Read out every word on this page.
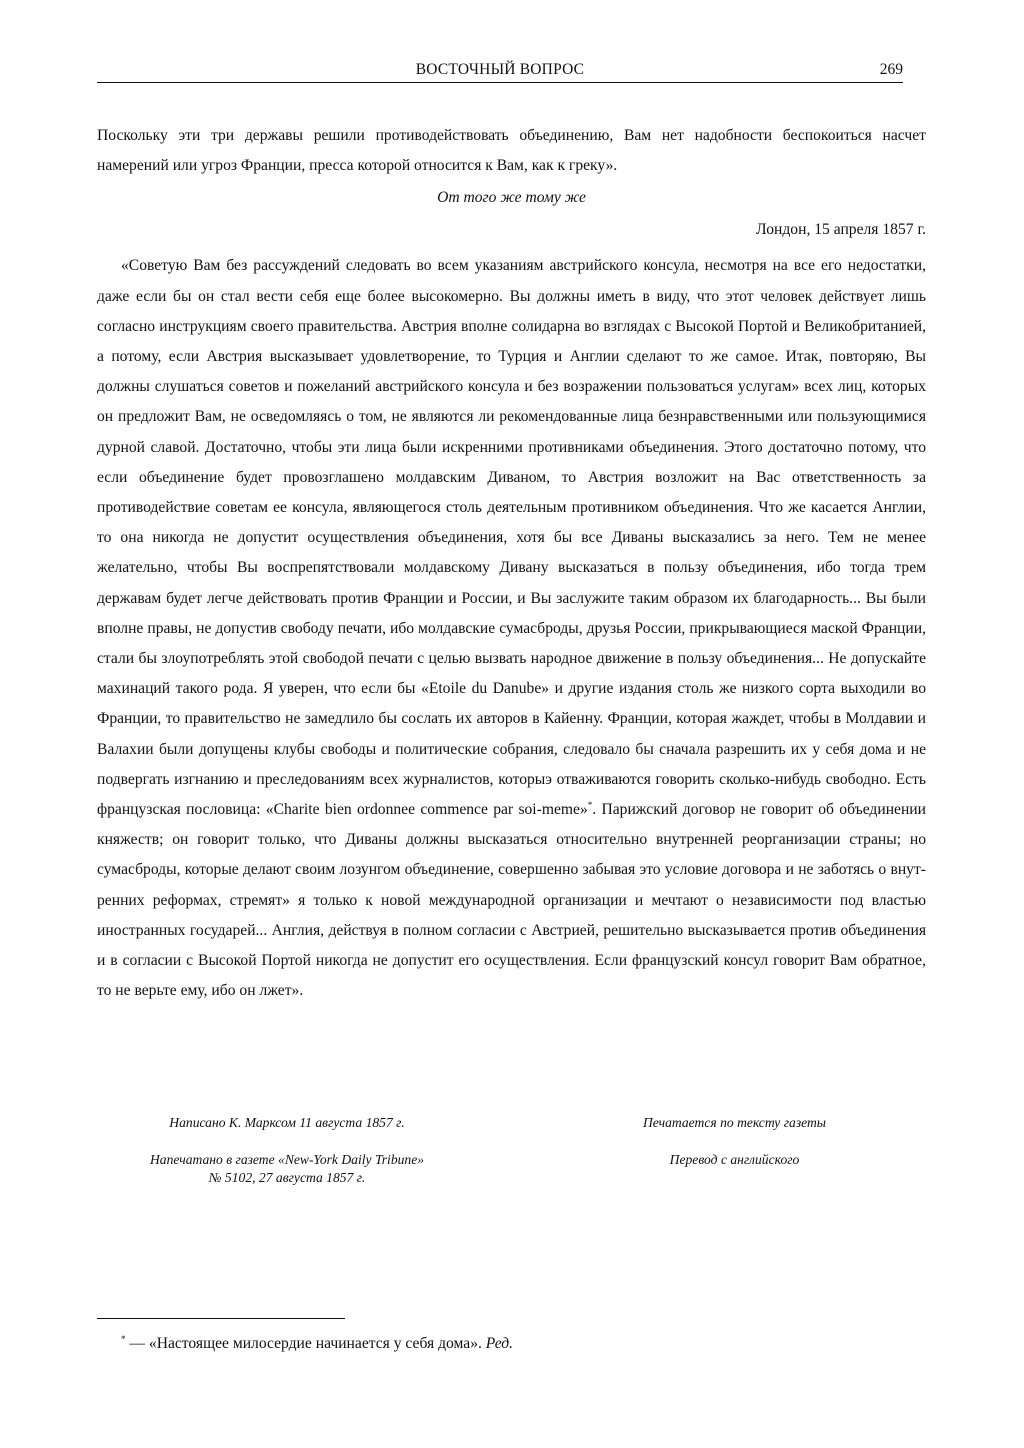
ВОСТОЧНЫЙ ВОПРОС	269

Поскольку эти три державы решили противодействовать объединению, Вам нет надобности беспокоиться насчет намерений или угроз Франции, пресса которой относится к Вам, как к греку».

От того же тому же

Лондон, 15 апреля 1857 г.

«Советую Вам без рассуждений следовать во всем указаниям австрийского консула, несмотря на все его недостатки, даже если бы он стал вести себя еще более высокомерно. Вы должны иметь в виду, что этот человек действует лишь согласно инструкциям своего правительства. Австрия вполне солидарна во взглядах с Высокой Портой и Великобританией, а потому, если Австрия высказывает удовлетворение, то Турция и Англии сделают то же самое. Итак, повторяю, Вы должны слушаться советов и пожеланий австрийского консула и без возражении пользоваться услугам» всех лиц, которых он предложит Вам, не осведомляясь о том, не являются ли рекомендованные лица безнравственными или пользующимися дурной славой. Достаточно, чтобы эти лица были искренними противниками объединения. Этого достаточно потому, что если объединение будет провозглашено молдавским Диваном, то Австрия возложит на Вас ответственность за противодействие советам ее консула, являющегося столь деятельным противником объединения. Что же касается Англии, то она никогда не допустит осуществления объединения, хотя бы все Диваны высказались за него. Тем не менее желательно, чтобы Вы воспрепятствовали молдавскому Дивану высказаться в пользу объединения, ибо тогда трем державам будет легче действовать против Франции и России, и Вы заслужите таким образом их благодарность... Вы были вполне правы, не допустив свободу печати, ибо молдавские сумасброды, друзья России, прикрывающиеся маской Франции, стали бы злоупотреблять этой свободой печати с целью вызвать народное движение в пользу объединения... Не допускайте махинаций такого рода. Я уверен, что если бы «Etoile du Danube» и другие издания столь же низкого сорта выходили во Франции, то правительство не замедлило бы сослать их авторов в Кайенну. Франции, которая жаждет, чтобы в Молдавии и Валахии были допущены клубы свободы и политические собрания, следовало бы сначала разрешить их у себя дома и не подвергать изгнанию и преследованиям всех журналистов, которыэ отваживаются говорить сколько-нибудь свободно. Есть французская пословица: «Charite bien ordonnee commence par soi-meme»*. Парижский договор не говорит об объединении княжеств; он говорит только, что Диваны должны высказаться относительно внутренней реорганизации страны; но сумасброды, которые делают своим лозунгом объединение, совершенно забывая это условие договора и не заботясь о внутренних реформах, стремят» я только к новой международной организации и мечтают о независимости под властью иностранных государей... Англия, действуя в полном согласии с Австрией, решительно высказывается против объединения и в согласии с Высокой Портой никогда не допустит его осуществления. Если французский консул говорит Вам обратное, то не верьте ему, ибо он лжет».

Написано К. Марксом 11 августа 1857 г.

Напечатано в газете «New-York Daily Tribune»
№ 5102, 27 августа 1857 г.

Печатается по тексту газеты

Перевод с английского

* — «Настоящее милосердие начинается у себя дома». Ред.
